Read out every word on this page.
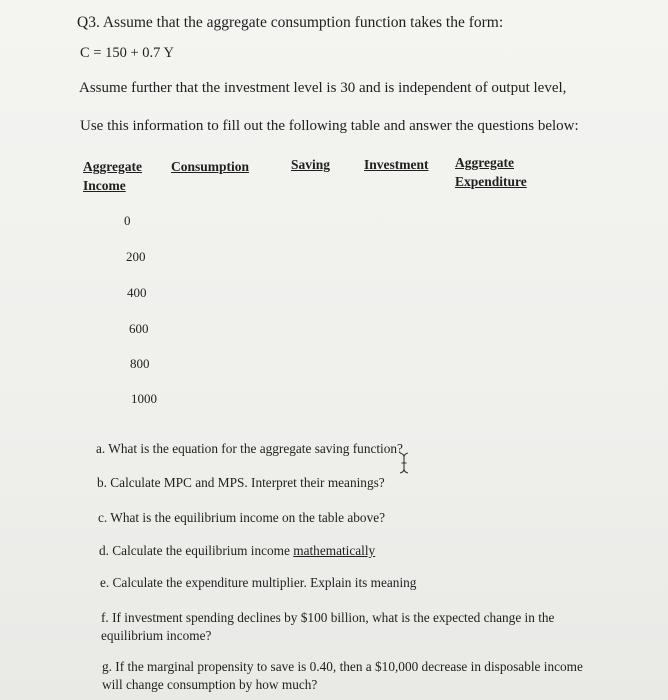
Q3. Assume that the aggregate consumption function takes the form:
C = 150 + 0.7 Y
Assume further that the investment level is 30 and is independent of output level,
Use this information to fill out the following table and answer the questions below:
Aggregate
Income
Consumption	Saving	Investment Aggregate
Expenditure
0
200
400
600
800
1000
a. What is the equation for the aggregate saving function?
b. Calculate MPC and MPS. Interpret their meanings?
c. What is the equilibrium income on the table above?
d. Calculate the equilibrium income mathematically
e. Calculate the expenditure multiplier. Explain its meaning
f. If investment spending declines by $100 billion, what is the expected change in the equilibrium income?
g. If the marginal propensity to save is 0.40, then a $10,000 decrease in disposable income will change consumption by how much?
